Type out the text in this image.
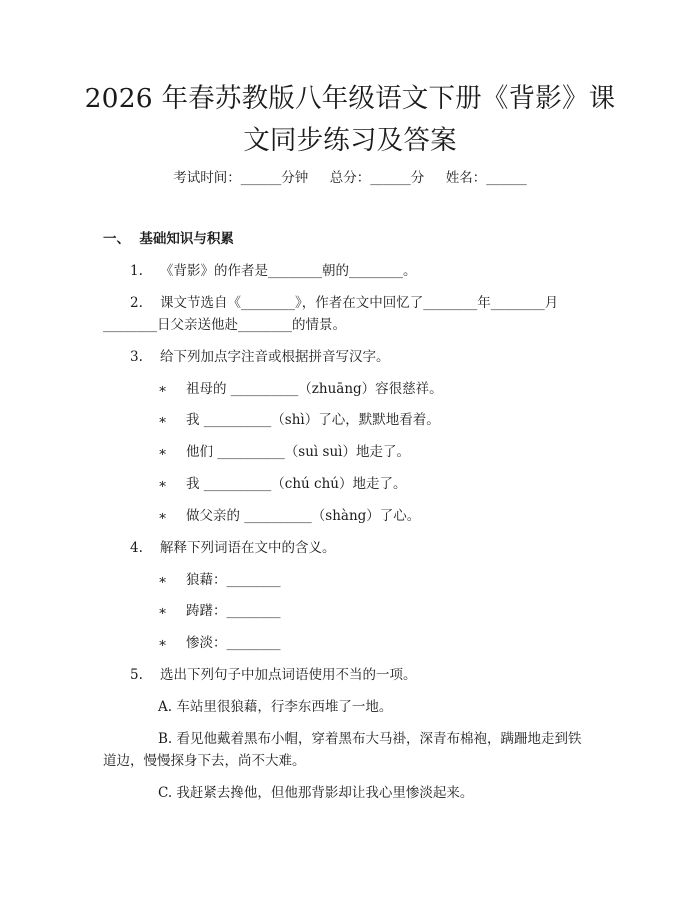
2026 年春苏教版八年级语文下册《背影》课
文同步练习及答案
考试时间：______分钟     总分：______分     姓名：______
一、  基础知识与积累
1. 《背影》的作者是________朝的________。
2. 课文节选自《________》，作者在文中回忆了________年________月
________日父亲送他赴________的情景。
3. 给下列加点字注音或根据拼音写汉字。
∗ 祖母的 __________（zhuāng）容很慈祥。
∗ 我 __________（shì）了心，默默地看着。
∗ 他们 __________（suì suì）地走了。
∗ 我 __________（chú chú）地走了。
∗ 做父亲的 __________（shàng）了心。
4. 解释下列词语在文中的含义。
∗ 狼藉：________
∗ 踌躇：________
∗ 惨淡：________
5. 选出下列句子中加点词语使用不当的一项。
A. 车站里很狼藉，行李东西堆了一地。
B. 看见他戴着黑布小帽，穿着黑布大马褂，深青布棉袍，蹒跚地走到铁
道边，慢慢探身下去，尚不大难。
C. 我赶紧去搀他，但他那背影却让我心里惨淡起来。
